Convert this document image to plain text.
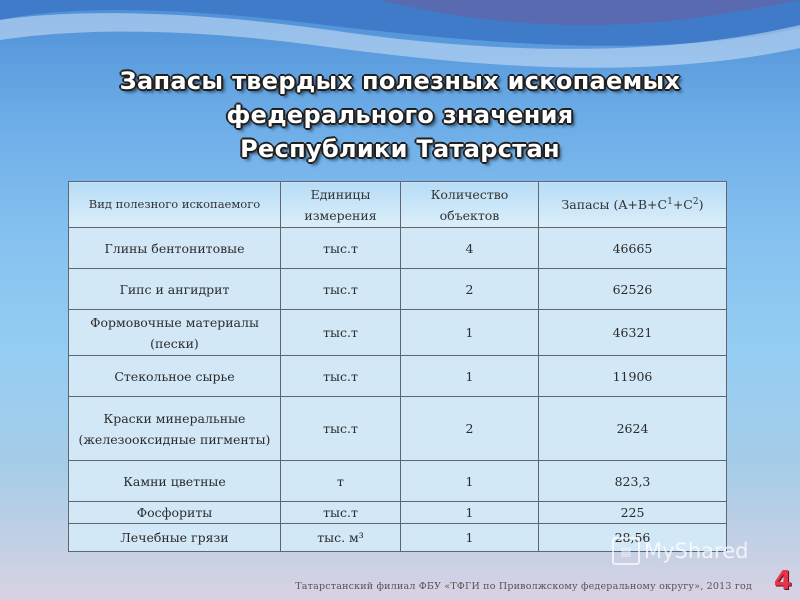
Запасы твердых полезных ископаемых
федерального значения
Республики Татарстан
Вид полезного ископаемого	Единицы измерения	Количество объектов	Запасы $(A+B+C^1+C^2)$
Глины бентонитовые	тыс.т	4	46665
Гипс и ангидрит	тыс.т	2	62526
Формовочные материалы (пески)	тыс.т	1	46321
Стекольное сырье	тыс.т	1	11906
Краски минеральные (железооксидные пигменты)	тыс.т	2	2624
Камни цветные	т	1	823,3
Фосфориты	тыс.т	1	225
Лечебные грязи	тыс. м³	1	28,56
▤ MyShared
Татарстанский филиал ФБУ «ТФГИ по Приволжскому федеральному округу», 2013 год 4
